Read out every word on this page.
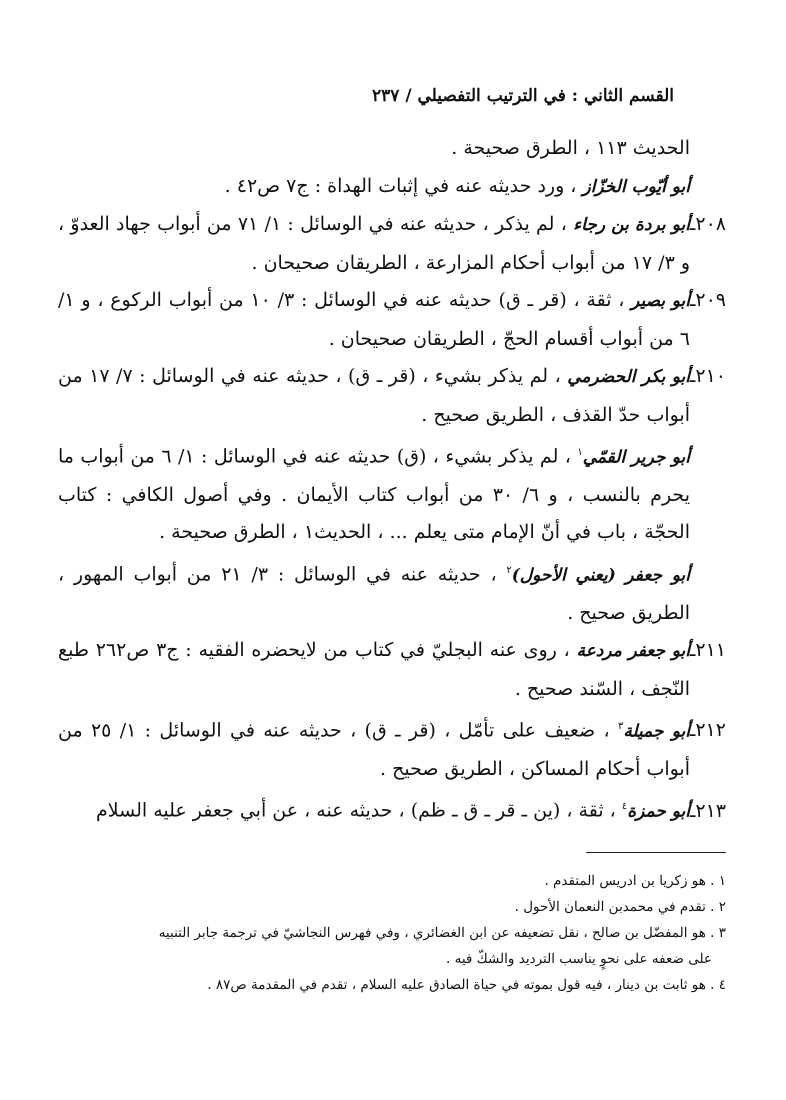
القسم الثاني : في الترتيب التفصيلي / ٢٣٧

الحديث ١١٣ ، الطرق صحيحة .

أبو أيّوب الخزّاز ، ورد حديثه عنه في إثبات الهداة : ج٧ ص٤٢ .

٢٠٨ـأبو بردة بن رجاء ، لم يذكر ، حديثه عنه في الوسائل : ١/ ٧١ من أبواب جهاد العدوّ ، و ٣/ ١٧ من أبواب أحكام المزارعة ، الطريقان صحيحان .

٢٠٩ـأبو بصير ، ثقة ، (قر ـ ق) حديثه عنه في الوسائل : ٣/ ١٠ من أبواب الركوع ، و ١/ ٦ من أبواب أقسام الحجّ ، الطريقان صحيحان .

٢١٠ـأبو بكر الحضرمي ، لم يذكر بشيء ، (قر ـ ق) ، حديثه عنه في الوسائل : ٧/ ١٧ من أبواب حدّ القذف ، الطريق صحيح .

أبو جرير القمّي$^١$ ، لم يذكر بشيء ، (ق) حديثه عنه في الوسائل : ١/ ٦ من أبواب ما يحرم بالنسب ، و ٦/ ٣٠ من أبواب كتاب الأيمان . وفي أصول الكافي : كتاب الحجّة ، باب في أنّ الإمام متى يعلم ... ، الحديث١ ، الطرق صحيحة .

أبو جعفر (يعني الأحول)$^٢$ ، حديثه عنه في الوسائل : ٣/ ٢١ من أبواب المهور ، الطريق صحيح .

٢١١ـأبو جعفر مردعة ، روى عنه البجليّ في كتاب من لايحضره الفقيه : ج٣ ص٢٦٢ طبع النّجف ، السّند صحيح .

٢١٢ـأبو جميلة$^٣$ ، ضعيف على تأمّل ، (قر ـ ق) ، حديثه عنه في الوسائل : ١/ ٢٥ من أبواب أحكام المساكن ، الطريق صحيح .

٢١٣ـأبو حمزة$^٤$ ، ثقة ، (ين ـ قر ـ ق ـ ظم) ، حديثه عنه ، عن أبي جعفر عليه السلام

١ . هو زكريا بن ادريس المتقدم .

٢ . تقدم في محمدبن النعمان الأحول .

٣ . هو المفضّل بن صالح ، نقل تضعيفه عن ابن الغضائري ، وفي فهرس النجاشيّ في ترجمة جابر التنبيه

على ضعفه على نحوٍ يناسب الترديد والشكّ فيه .

٤ . هو ثابت بن دينار ، فيه قول بموته في حياة الصادق عليه السلام ، تقدم في المقدمة ص٨٧ .
